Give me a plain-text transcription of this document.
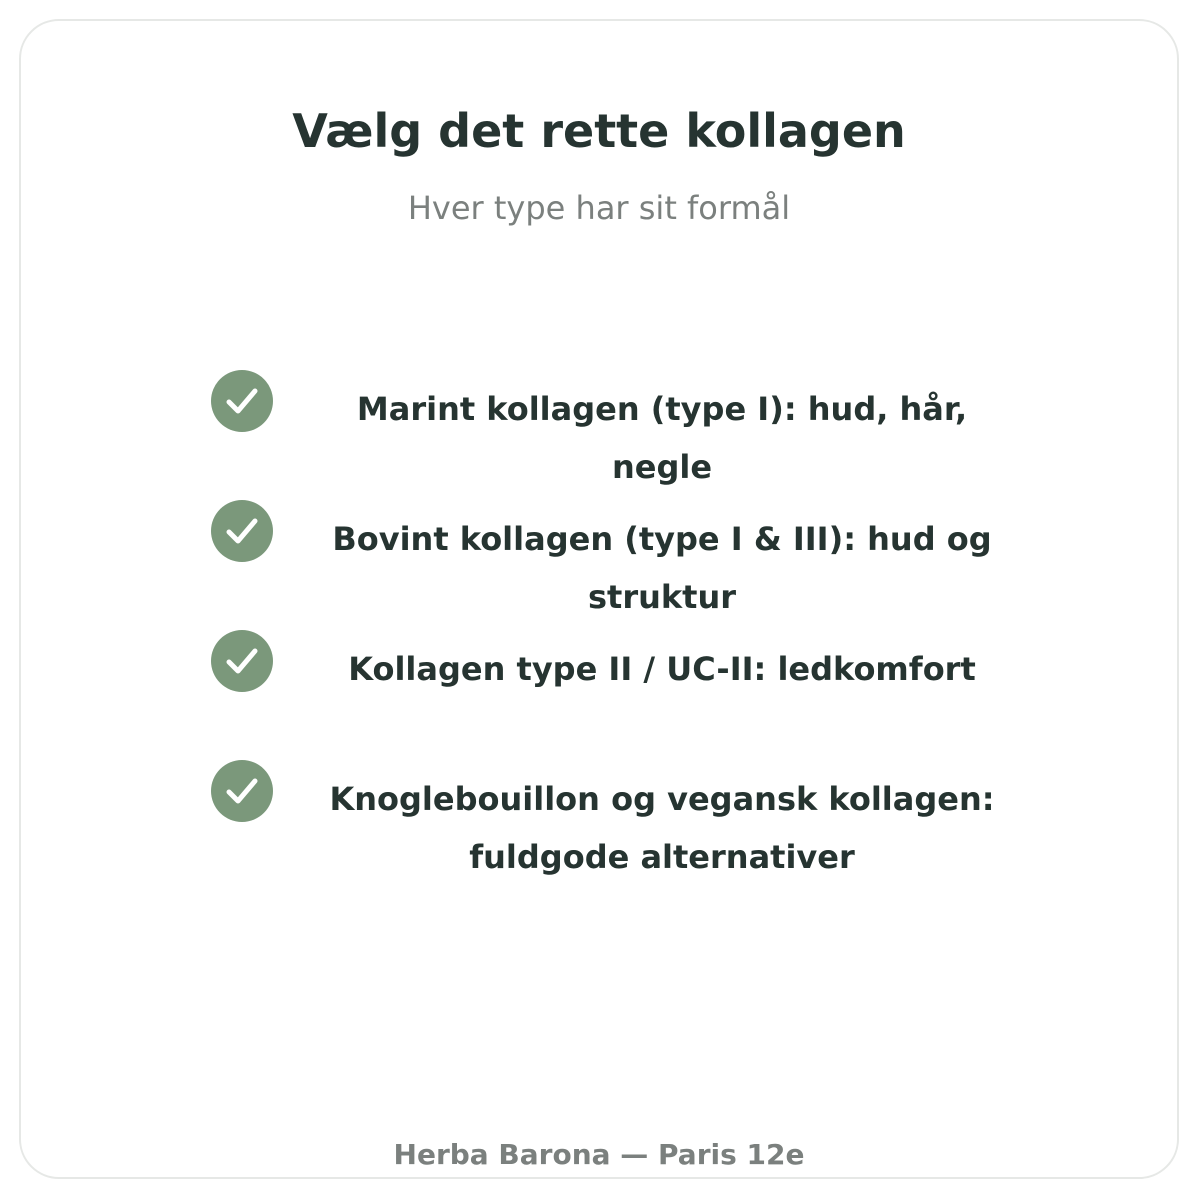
Vælg det rette kollagen

Hver type har sit formål

Marint kollagen (type I): hud, hår, negle
Bovint kollagen (type I & III): hud og struktur
Kollagen type II / UC-II: ledkomfort
Knoglebouillon og vegansk kollagen: fuldgode alternativer
Herba Barona — Paris 12e
